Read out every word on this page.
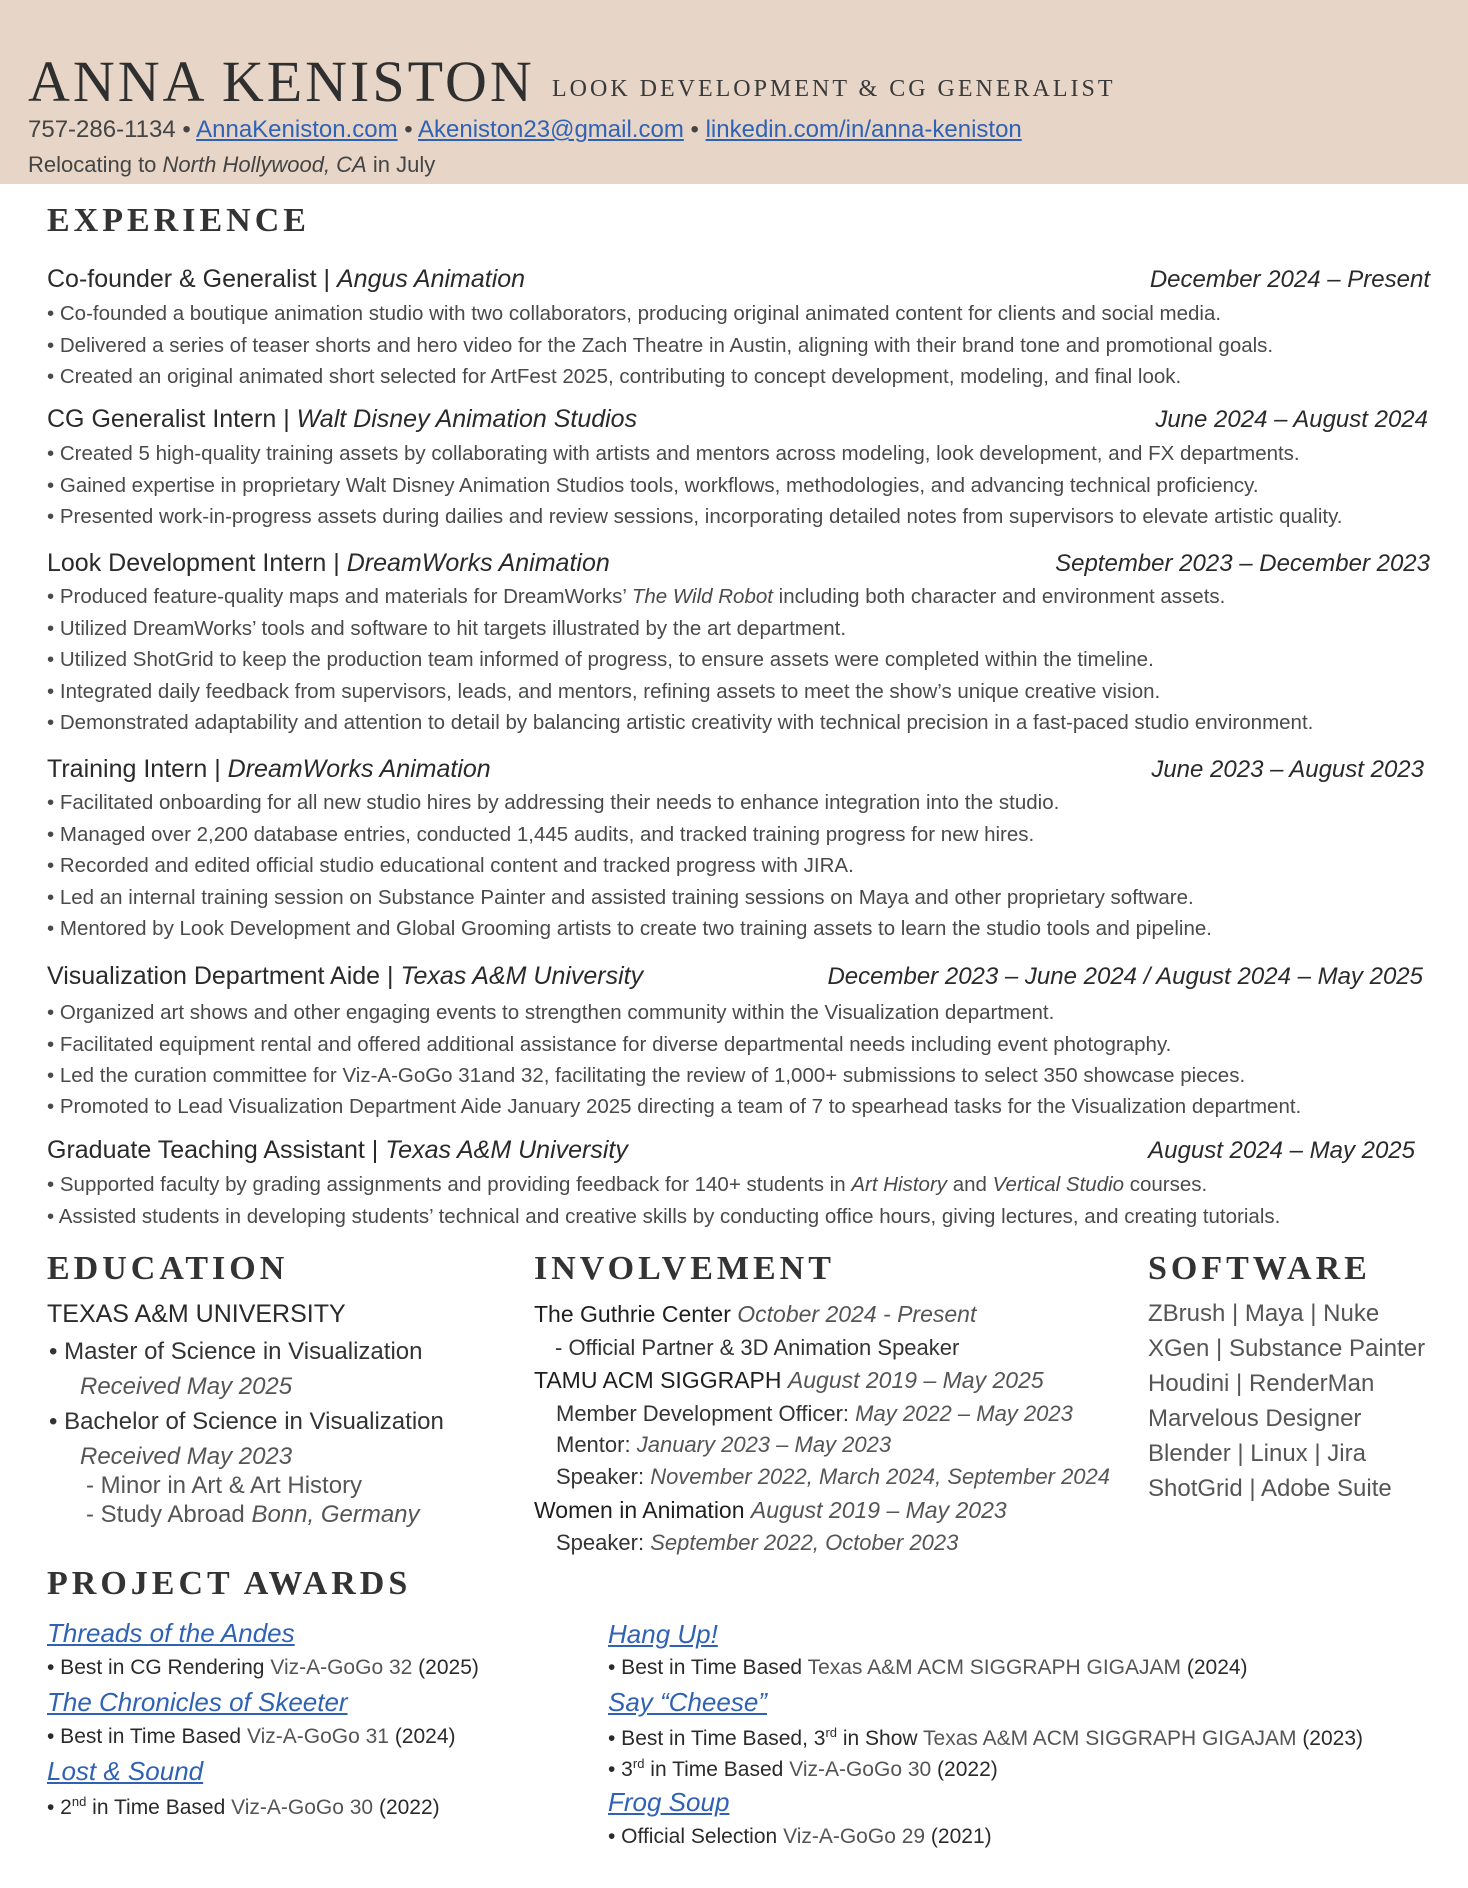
ANNA KENISTON LOOK DEVELOPMENT & CG GENERALIST
757-286-1134 • AnnaKeniston.com • Akeniston23@gmail.com • linkedin.com/in/anna-keniston
Relocating to North Hollywood, CA in July
EXPERIENCE
Co-founder & Generalist | Angus Animation	December 2024 – Present
• Co-founded a boutique animation studio with two collaborators, producing original animated content for clients and social media.
• Delivered a series of teaser shorts and hero video for the Zach Theatre in Austin, aligning with their brand tone and promotional goals.
• Created an original animated short selected for ArtFest 2025, contributing to concept development, modeling, and final look.
CG Generalist Intern | Walt Disney Animation Studios	June 2024 – August 2024
• Created 5 high-quality training assets by collaborating with artists and mentors across modeling, look development, and FX departments.
• Gained expertise in proprietary Walt Disney Animation Studios tools, workflows, methodologies, and advancing technical proficiency.
• Presented work-in-progress assets during dailies and review sessions, incorporating detailed notes from supervisors to elevate artistic quality.
Look Development Intern | DreamWorks Animation	September 2023 – December 2023
• Produced feature-quality maps and materials for DreamWorks’ The Wild Robot including both character and environment assets.
• Utilized DreamWorks’ tools and software to hit targets illustrated by the art department.
• Utilized ShotGrid to keep the production team informed of progress, to ensure assets were completed within the timeline.
• Integrated daily feedback from supervisors, leads, and mentors, refining assets to meet the show’s unique creative vision.
• Demonstrated adaptability and attention to detail by balancing artistic creativity with technical precision in a fast-paced studio environment.
Training Intern | DreamWorks Animation	June 2023 – August 2023
• Facilitated onboarding for all new studio hires by addressing their needs to enhance integration into the studio.
• Managed over 2,200 database entries, conducted 1,445 audits, and tracked training progress for new hires.
• Recorded and edited official studio educational content and tracked progress with JIRA.
• Led an internal training session on Substance Painter and assisted training sessions on Maya and other proprietary software.
• Mentored by Look Development and Global Grooming artists to create two training assets to learn the studio tools and pipeline.
Visualization Department Aide | Texas A&M University	December 2023 – June 2024 / August 2024 – May 2025
• Organized art shows and other engaging events to strengthen community within the Visualization department.
• Facilitated equipment rental and offered additional assistance for diverse departmental needs including event photography.
• Led the curation committee for Viz-A-GoGo 31and 32, facilitating the review of 1,000+ submissions to select 350 showcase pieces.
• Promoted to Lead Visualization Department Aide January 2025 directing a team of 7 to spearhead tasks for the Visualization department.
Graduate Teaching Assistant | Texas A&M University	August 2024 – May 2025
• Supported faculty by grading assignments and providing feedback for 140+ students in Art History and Vertical Studio courses.
• Assisted students in developing students’ technical and creative skills by conducting office hours, giving lectures, and creating tutorials.
EDUCATION
TEXAS A&M UNIVERSITY
• Master of Science in Visualization
Received May 2025
• Bachelor of Science in Visualization
Received May 2023
- Minor in Art & Art History
- Study Abroad Bonn, Germany
INVOLVEMENT
The Guthrie Center October 2024 - Present
- Official Partner & 3D Animation Speaker
TAMU ACM SIGGRAPH August 2019 – May 2025
Member Development Officer: May 2022 – May 2023
Mentor: January 2023 – May 2023
Speaker: November 2022, March 2024, September 2024
Women in Animation August 2019 – May 2023
Speaker: September 2022, October 2023
SOFTWARE
ZBrush | Maya | Nuke
XGen | Substance Painter
Houdini | RenderMan
Marvelous Designer
Blender | Linux | Jira
ShotGrid | Adobe Suite
PROJECT AWARDS
Threads of the Andes
• Best in CG Rendering Viz-A-GoGo 32 (2025)
The Chronicles of Skeeter
• Best in Time Based Viz-A-GoGo 31 (2024)
Lost & Sound
• 2nd in Time Based Viz-A-GoGo 30 (2022)
Hang Up!
• Best in Time Based Texas A&M ACM SIGGRAPH GIGAJAM (2024)
Say “Cheese”
• Best in Time Based, 3rd in Show Texas A&M ACM SIGGRAPH GIGAJAM (2023)
• 3rd in Time Based Viz-A-GoGo 30 (2022)
Frog Soup
• Official Selection Viz-A-GoGo 29 (2021)
